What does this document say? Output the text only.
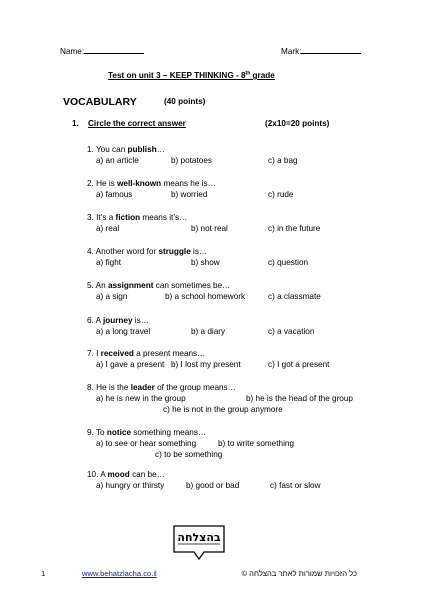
Name:	Mark:
Test on unit 3 – KEEP THINKING - 8th grade
VOCABULARY	(40 points)
1. Circle the correct answer	(2x10=20 points)
1. You can publish…
a) an article	b) potatoes	c) a bag
2. He is well-known means he is…
a) famous	b) worried	c) rude
3. It’s a fiction means it’s…
a) real	b) not real	c) in the future
4. Another word for struggle is…
a) fight	b) show	c) question
5. An assignment can sometimes be…
a) a sign	b) a school homework	c) a classmate
6. A journey is…
a) a long travel	b) a diary	c) a vacation
7. I received a present means…
a) I gave a present b) I lost my present	c) I got a present
8. He is the leader of the group means…
a) he is new in the group	b) he is the head of the group
c) he is not in the group anymore
9. To notice something means…
a) to see or hear something	b) to write something
c) to be something
10. A mood can be…
a) hungry or thirsty	b) good or bad	c) fast or slow
בהצלחה
1	www.behatzlacha.co.il	כל הזכויות שמורות לאתר בהצלחה ©
